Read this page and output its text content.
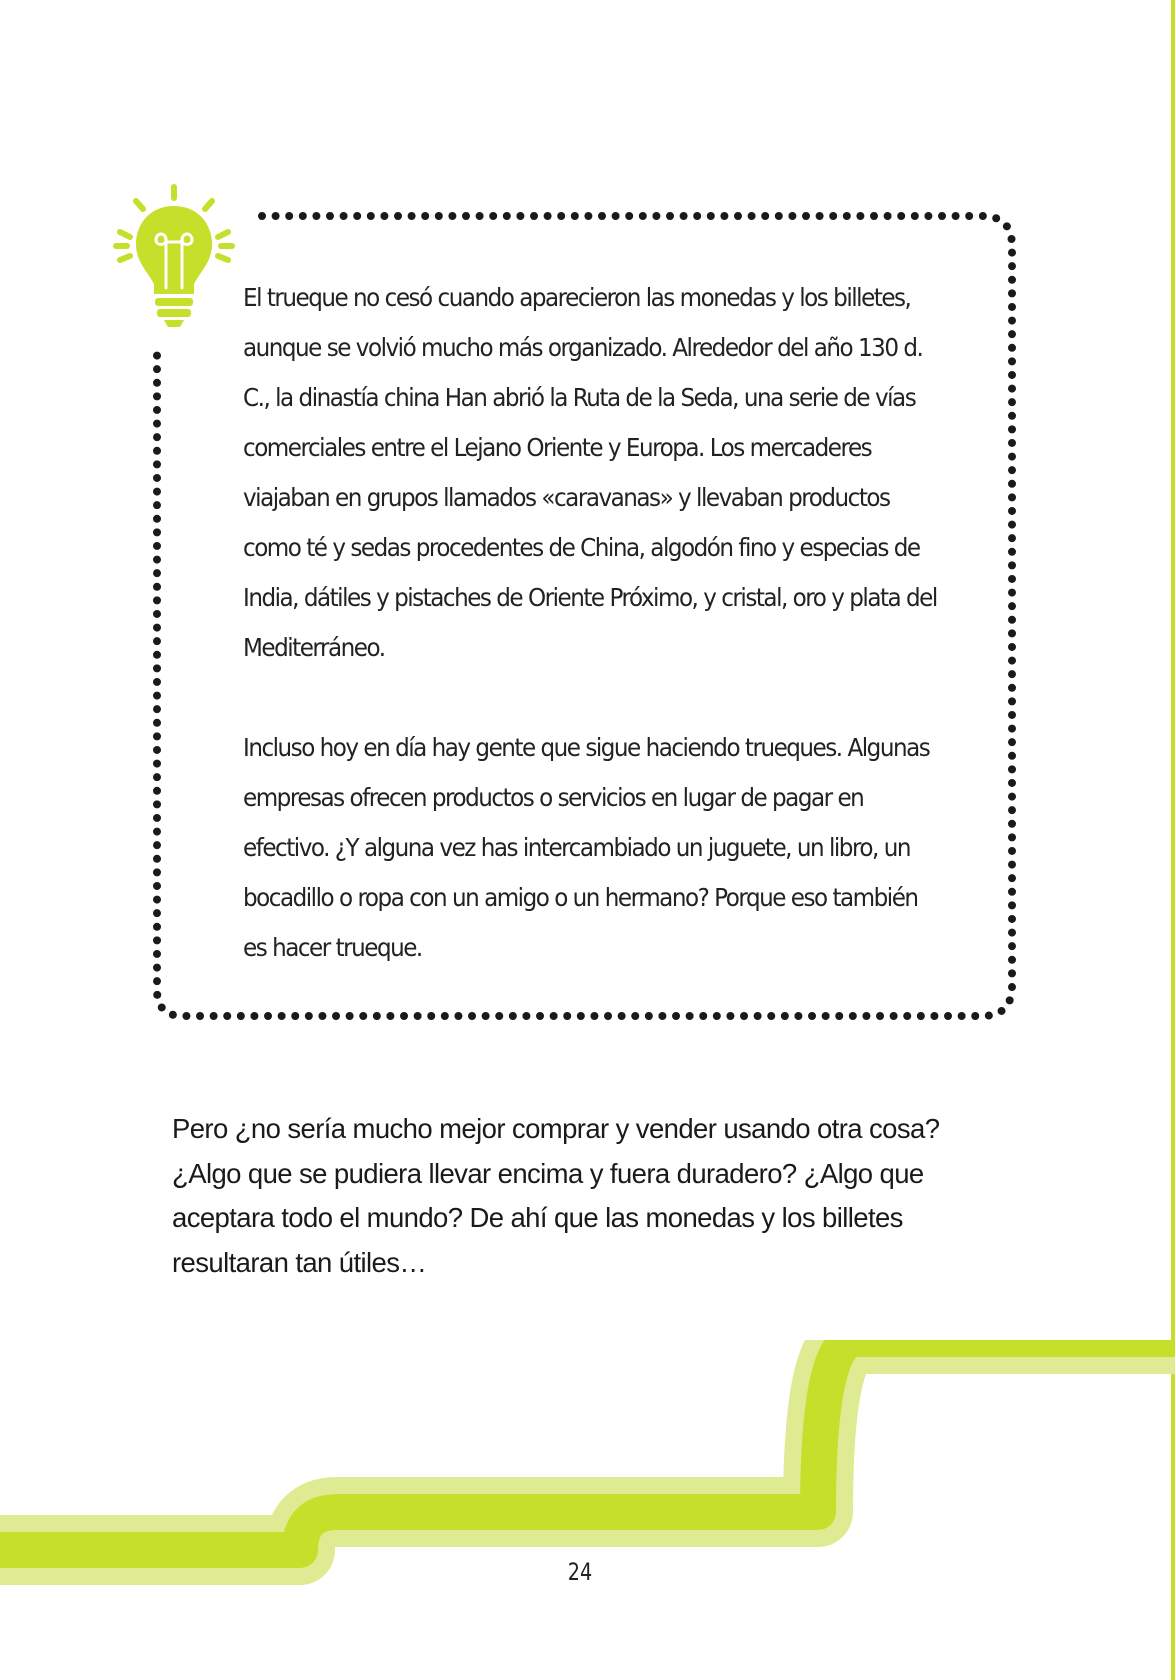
El trueque no cesó cuando aparecieron las monedas y los billetes, aunque se volvió mucho más organizado. Alrededor del año 130 d. C., la dinastía china Han abrió la Ruta de la Seda, una serie de vías comerciales entre el Lejano Oriente y Europa. Los mercaderes viajaban en grupos llamados «caravanas» y llevaban productos como té y sedas procedentes de China, algodón fino y especias de India, dátiles y pistaches de Oriente Próximo, y cristal, oro y plata del Mediterráneo.

Incluso hoy en día hay gente que sigue haciendo trueques. Algunas empresas ofrecen productos o servicios en lugar de pagar en efectivo. ¿Y alguna vez has intercambiado un juguete, un libro, un bocadillo o ropa con un amigo o un hermano? Porque eso también es hacer trueque.

Pero ¿no sería mucho mejor comprar y vender usando otra cosa? ¿Algo que se pudiera llevar encima y fuera duradero? ¿Algo que aceptara todo el mundo? De ahí que las monedas y los billetes resultaran tan útiles…

24
